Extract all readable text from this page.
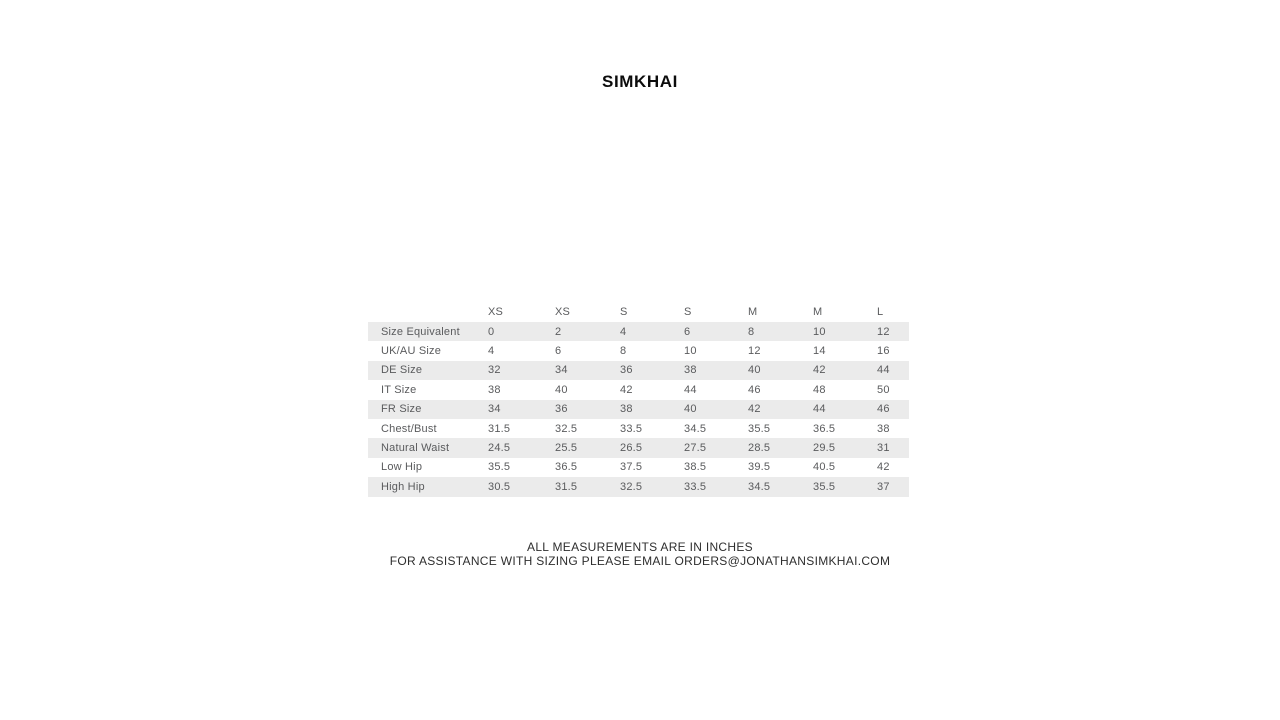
SIMKHAI
	XS	XS	S	S	M	M	L
Size Equivalent	0	2	4	6	8	10	12
UK/AU Size	4	6	8	10	12	14	16
DE Size	32	34	36	38	40	42	44
IT Size	38	40	42	44	46	48	50
FR Size	34	36	38	40	42	44	46
Chest/Bust	31.5	32.5	33.5	34.5	35.5	36.5	38
Natural Waist	24.5	25.5	26.5	27.5	28.5	29.5	31
Low Hip	35.5	36.5	37.5	38.5	39.5	40.5	42
High Hip	30.5	31.5	32.5	33.5	34.5	35.5	37
ALL MEASUREMENTS ARE IN INCHES
FOR ASSISTANCE WITH SIZING PLEASE EMAIL ORDERS@JONATHANSIMKHAI.COM
